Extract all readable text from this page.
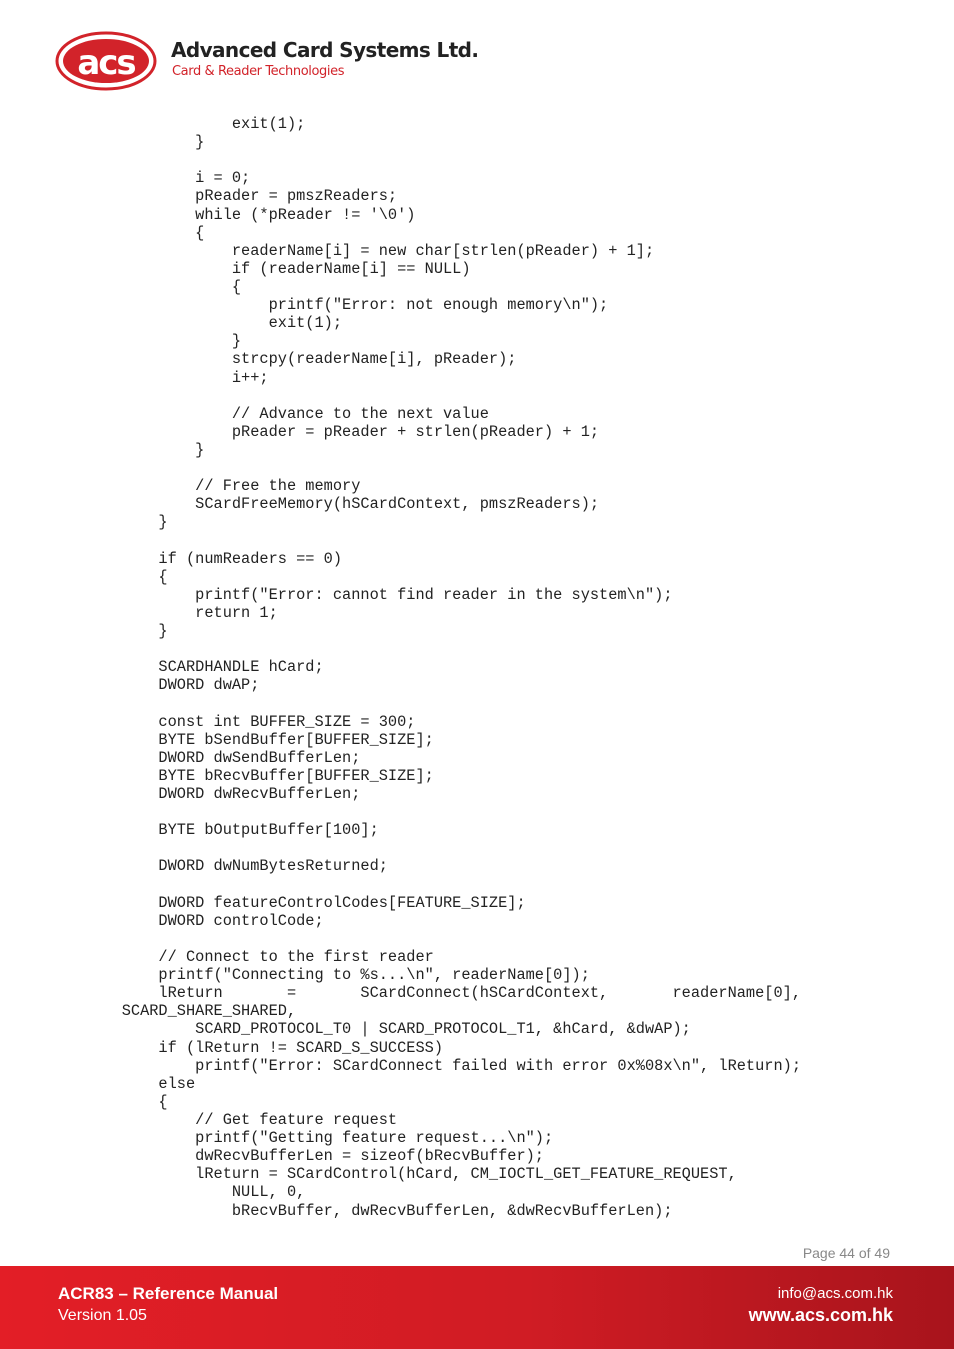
acs Advanced Card Systems Ltd.
Card & Reader Technologies
exit(1);
}
i = 0;
pReader = pmszReaders;
while (*pReader != '\0')
{
readerName[i] = new char[strlen(pReader) + 1];
if (readerName[i] == NULL)
{
printf("Error: not enough memory\n");
exit(1);
}
strcpy(readerName[i], pReader);
i++;
// Advance to the next value
pReader = pReader + strlen(pReader) + 1;
}
// Free the memory
SCardFreeMemory(hSCardContext, pmszReaders);
}
if (numReaders == 0)
{
printf("Error: cannot find reader in the system\n");
return 1;
}
SCARDHANDLE hCard;
DWORD dwAP;
const int BUFFER_SIZE = 300;
BYTE bSendBuffer[BUFFER_SIZE];
DWORD dwSendBufferLen;
BYTE bRecvBuffer[BUFFER_SIZE];
DWORD dwRecvBufferLen;
BYTE bOutputBuffer[100];
DWORD dwNumBytesReturned;
DWORD featureControlCodes[FEATURE_SIZE];
DWORD controlCode;
// Connect to the first reader
printf("Connecting to %s...\n", readerName[0]);
lReturn       =       SCardConnect(hSCardContext,       readerName[0],
SCARD_SHARE_SHARED,
SCARD_PROTOCOL_T0 | SCARD_PROTOCOL_T1, &hCard, &dwAP);
if (lReturn != SCARD_S_SUCCESS)
printf("Error: SCardConnect failed with error 0x%08x\n", lReturn);
else
{
// Get feature request
printf("Getting feature request...\n");
dwRecvBufferLen = sizeof(bRecvBuffer);
lReturn = SCardControl(hCard, CM_IOCTL_GET_FEATURE_REQUEST,
NULL, 0,
bRecvBuffer, dwRecvBufferLen, &dwRecvBufferLen);
Page 44 of 49
ACR83 – Reference Manual
Version 1.05
info@acs.com.hk
www.acs.com.hk
